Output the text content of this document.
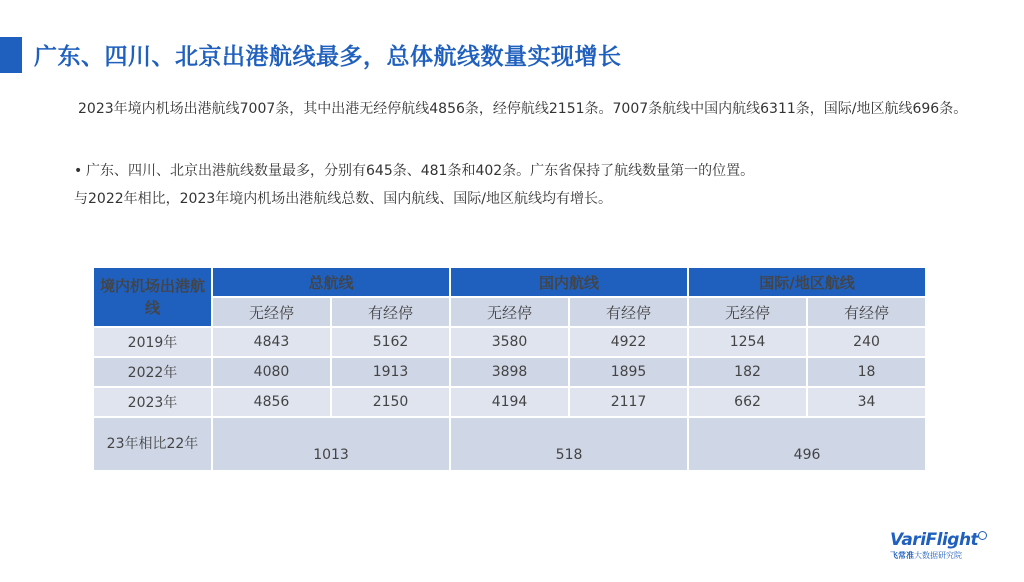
广东、四川、北京出港航线最多，总体航线数量实现增长
2023年境内机场出港航线7007条，其中出港无经停航线4856条，经停航线2151条。7007条航线中国内航线6311条，国际/地区航线696条。
• 广东、四川、北京出港航线数量最多，分别有645条、481条和402条。广东省保持了航线数量第一的位置。
与2022年相比，2023年境内机场出港航线总数、国内航线、国际/地区航线均有增长。
境内机场出港航线	总航线		国内航线		国际/地区航线	
	无经停	有经停	无经停	有经停	无经停	有经停
2019年	4843	5162	3580	4922	1254	240
2022年	4080	1913	3898	1895	182	18
2023年	4856	2150	4194	2117	662	34
23年相比22年	1013		518		496	
VariFlight
飞常准大数据研究院
